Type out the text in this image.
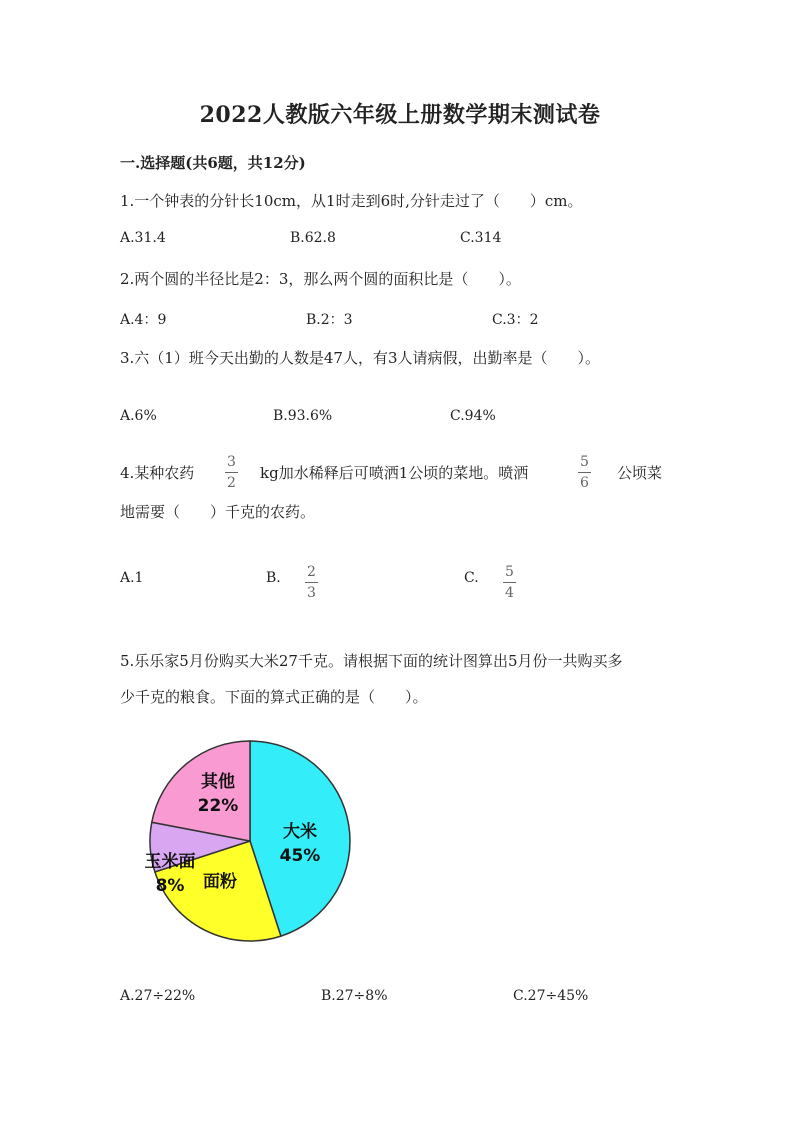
2022人教版六年级上册数学期末测试卷
一.选择题(共6题，共12分)
1.一个钟表的分针长10cm，从1时走到6时,分针走过了（　　）cm。
A.31.4	B.62.8	C.314
2.两个圆的半径比是2：3，那么两个圆的面积比是（　　）。
A.4：9	B.2：3	C.3：2
3.六（1）班今天出勤的人数是47人，有3人请病假，出勤率是（　　）。
A.6%	B.93.6%	C.94%
4.某种农药 $\frac{3}{2}$ kg加水稀释后可喷洒1公顷的菜地。喷洒	$\frac{5}{6}$ 公顷菜
地需要（　　）千克的农药。
A.1	B. $\frac{2}{3}$	C. $\frac{5}{4}$
5.乐乐家5月份购买大米27千克。请根据下面的统计图算出5月份一共购买多
少千克的粮食。下面的算式正确的是（　　）。
大米
45%
面粉
玉米面
8%
其他
22%
A.27÷22%	B.27÷8%	C.27÷45%
